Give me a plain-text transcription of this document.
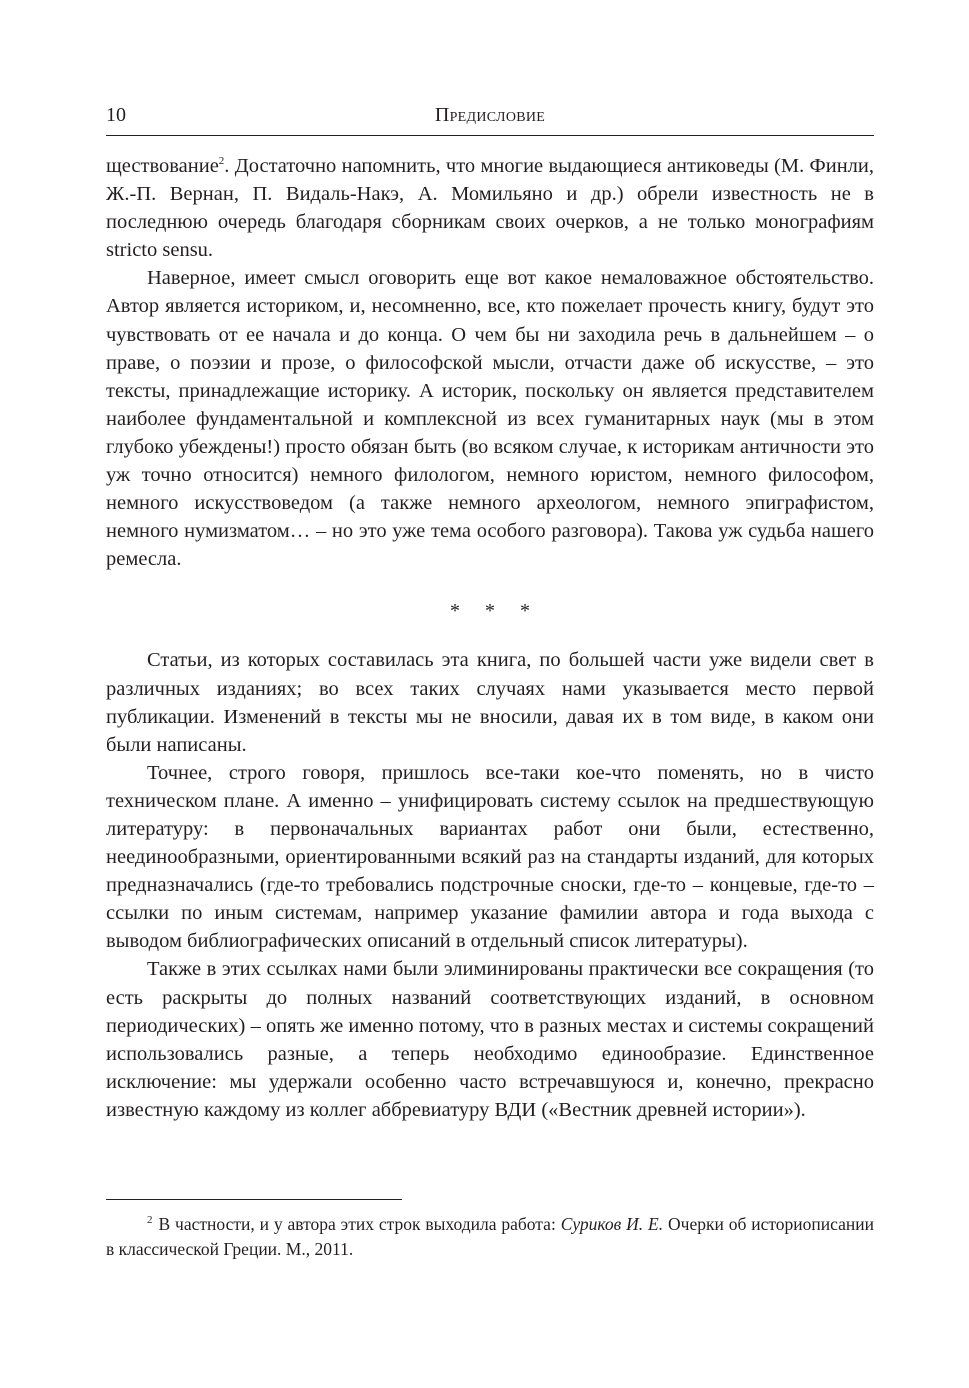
10	Предисловие

ществование$^2$. Достаточно напомнить, что многие выдающиеся антиковеды (М. Финли, Ж.-П. Вернан, П. Видаль-Накэ, А. Момильяно и др.) обрели известность не в последнюю очередь благодаря сборникам своих очерков, а не только монографиям stricto sensu.

Наверное, имеет смысл оговорить еще вот какое немаловажное обстоятельство. Автор является историком, и, несомненно, все, кто пожелает прочесть книгу, будут это чувствовать от ее начала и до конца. О чем бы ни заходила речь в дальнейшем – о праве, о поэзии и прозе, о философской мысли, отчасти даже об искусстве, – это тексты, принадлежащие историку. А историк, поскольку он является представителем наиболее фундаментальной и комплексной из всех гуманитарных наук (мы в этом глубоко убеждены!) просто обязан быть (во всяком случае, к историкам античности это уж точно относится) немного филологом, немного юристом, немного философом, немного искусствоведом (а также немного археологом, немного эпиграфистом, немного нумизматом… – но это уже тема особого разговора). Такова уж судьба нашего ремесла.

* * *

Статьи, из которых составилась эта книга, по большей части уже видели свет в различных изданиях; во всех таких случаях нами указывается место первой публикации. Изменений в тексты мы не вносили, давая их в том виде, в каком они были написаны.

Точнее, строго говоря, пришлось все-таки кое-что поменять, но в чисто техническом плане. А именно – унифицировать систему ссылок на предшествующую литературу: в первоначальных вариантах работ они были, естественно, неединообразными, ориентированными всякий раз на стандарты изданий, для которых предназначались (где-то требовались подстрочные сноски, где-то – концевые, где-то – ссылки по иным системам, например указание фамилии автора и года выхода с выводом библиографических описаний в отдельный список литературы).

Также в этих ссылках нами были элиминированы практически все сокращения (то есть раскрыты до полных названий соответствующих изданий, в основном периодических) – опять же именно потому, что в разных местах и системы сокращений использовались разные, а теперь необходимо единообразие. Единственное исключение: мы удержали особенно часто встречавшуюся и, конечно, прекрасно известную каждому из коллег аббревиатуру ВДИ («Вестник древней истории»).

$^2$ В частности, и у автора этих строк выходила работа: Суриков И. Е. Очерки об историописании в классической Греции. М., 2011.
